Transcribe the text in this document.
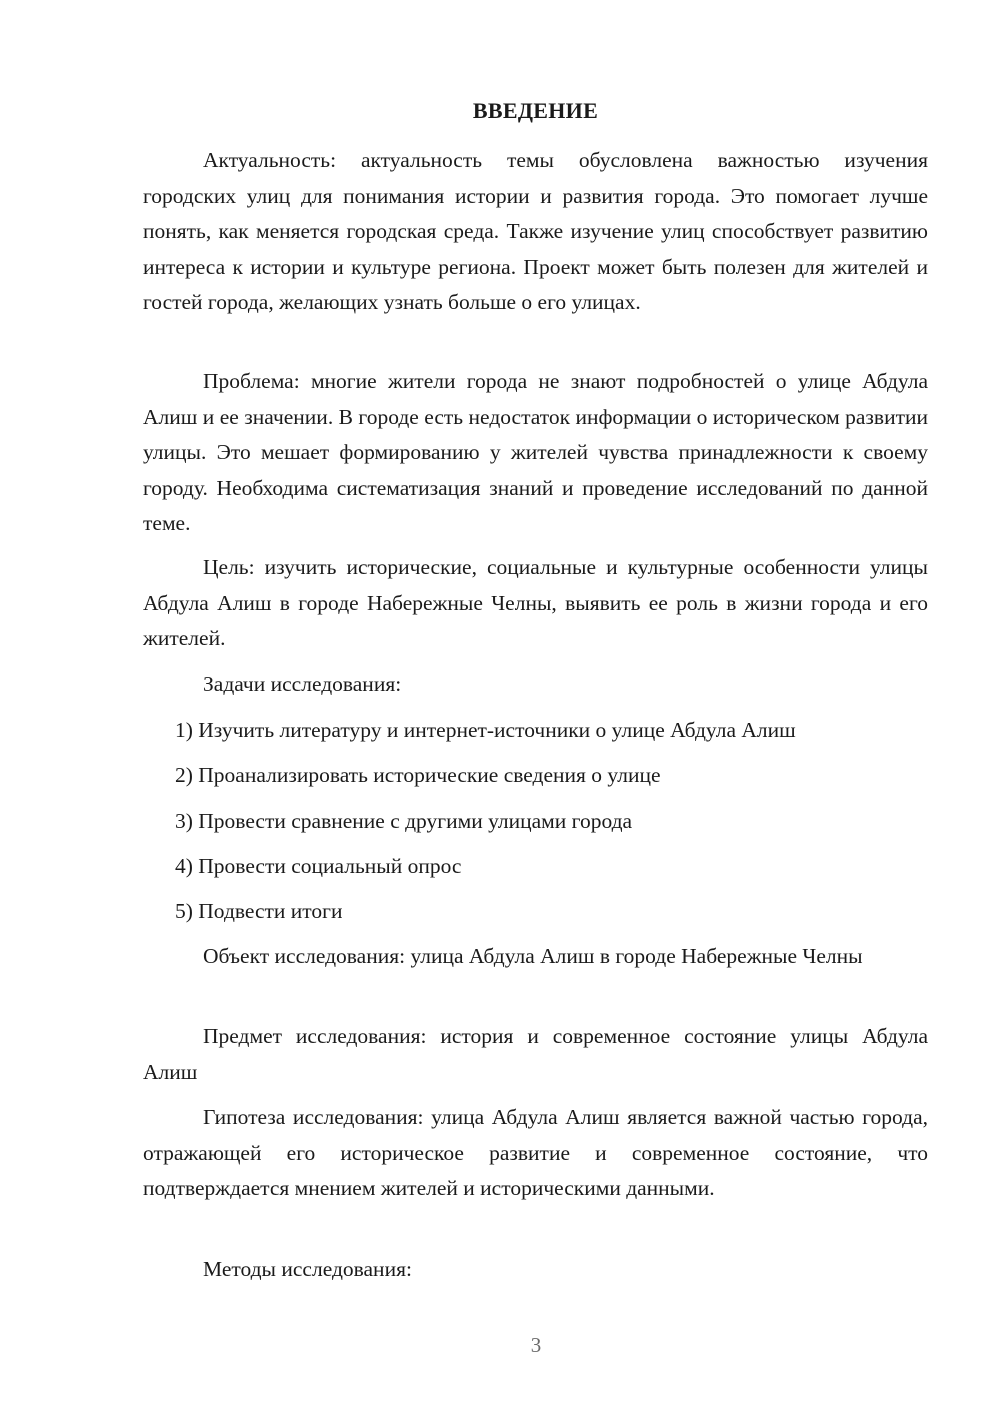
ВВЕДЕНИЕ

Актуальность: актуальность темы обусловлена важностью изучения городских улиц для понимания истории и развития города. Это помогает лучше понять, как меняется городская среда. Также изучение улиц способствует развитию интереса к истории и культуре региона. Проект может быть полезен для жителей и гостей города, желающих узнать больше о его улицах.

Проблема: многие жители города не знают подробностей о улице Абдула Алиш и ее значении. В городе есть недостаток информации о историческом развитии улицы. Это мешает формированию у жителей чувства принадлежности к своему городу. Необходима систематизация знаний и проведение исследований по данной теме.

Цель: изучить исторические, социальные и культурные особенности улицы Абдула Алиш в городе Набережные Челны, выявить ее роль в жизни города и его жителей.

Задачи исследования:

1) Изучить литературу и интернет-источники о улице Абдула Алиш

2) Проанализировать исторические сведения о улице

3) Провести сравнение с другими улицами города

4) Провести социальный опрос

5) Подвести итоги

Объект исследования: улица Абдула Алиш в городе Набережные Челны

Предмет исследования: история и современное состояние улицы Абдула Алиш

Гипотеза исследования: улица Абдула Алиш является важной частью города, отражающей его историческое развитие и современное состояние, что подтверждается мнением жителей и историческими данными.

Методы исследования:

3
